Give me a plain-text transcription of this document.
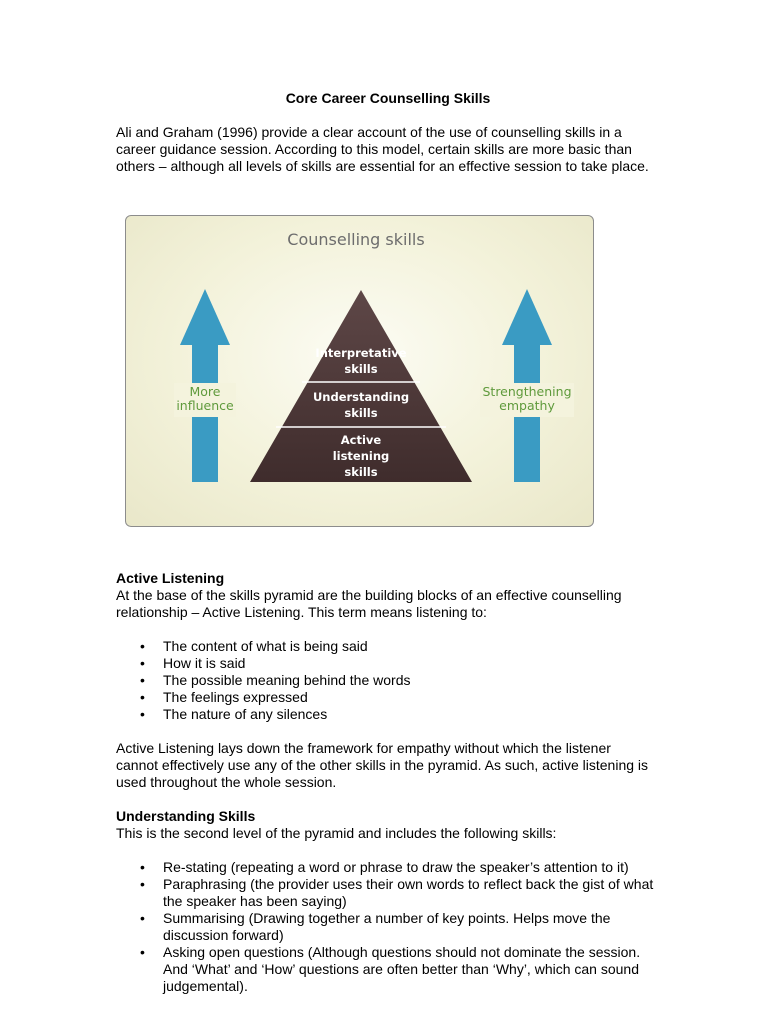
Core Career Counselling Skills

Ali and Graham (1996) provide a clear account of the use of counselling skills in a career guidance session. According to this model, certain skills are more basic than others – although all levels of skills are essential for an effective session to take place.

Counselling skills
More
influence
Strengthening
empathy
Interpretative
skills
Understanding
skills
Active
listening
skills

Active Listening

At the base of the skills pyramid are the building blocks of an effective counselling relationship – Active Listening. This term means listening to:

• The content of what is being said
• How it is said
• The possible meaning behind the words
• The feelings expressed
• The nature of any silences

Active Listening lays down the framework for empathy without which the listener cannot effectively use any of the other skills in the pyramid. As such, active listening is used throughout the whole session.

Understanding Skills

This is the second level of the pyramid and includes the following skills:

• Re-stating (repeating a word or phrase to draw the speaker’s attention to it)
• Paraphrasing (the provider uses their own words to reflect back the gist of what the speaker has been saying)
• Summarising (Drawing together a number of key points. Helps move the discussion forward)
• Asking open questions (Although questions should not dominate the session. And ‘What’ and ‘How’ questions are often better than ‘Why’, which can sound judgemental).
